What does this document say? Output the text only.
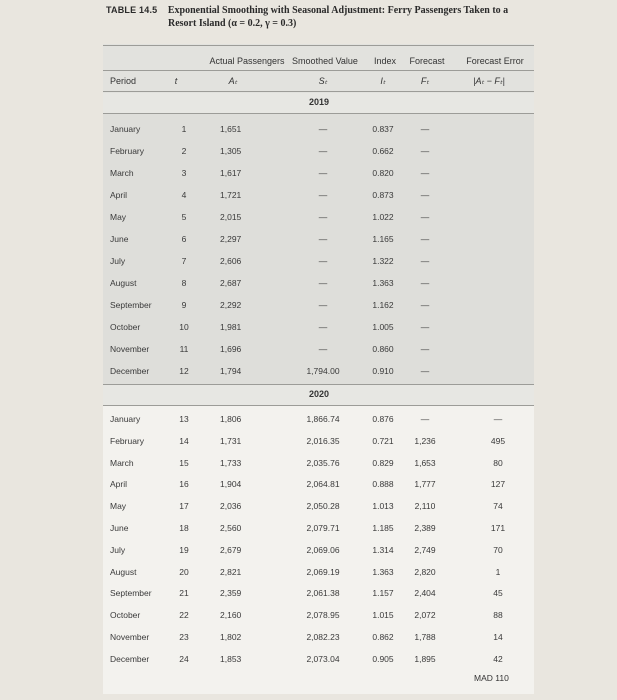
TABLE 14.5 Exponential Smoothing with Seasonal Adjustment: Ferry Passengers Taken to a
Resort Island (α = 0.2, γ = 0.3)
Actual Passengers Smoothed Value Index Forecast Forecast Error
Period	t	Aₜ	Sₜ	Iₜ	Fₜ	|Aₜ − Fₜ|
2019
January	1	1,651	—	0.837	—
February	2	1,305	—	0.662	—
March	3	1,617	—	0.820	—
April	4	1,721	—	0.873	—
May	5	2,015	—	1.022	—
June	6	2,297	—	1.165	—
July	7	2,606	—	1.322	—
August	8	2,687	—	1.363	—
September	9	2,292	—	1.162	—
October	10	1,981	—	1.005	—
November	11	1,696	—	0.860	—
December	12	1,794	1,794.00	0.910	—
2020
January	13	1,806	1,866.74	0.876	—	—
February	14	1,731	2,016.35	0.721	1,236	495
March	15	1,733	2,035.76	0.829	1,653	80
April	16	1,904	2,064.81	0.888	1,777	127
May	17	2,036	2,050.28	1.013	2,110	74
June	18	2,560	2,079.71	1.185	2,389	171
July	19	2,679	2,069.06	1.314	2,749	70
August	20	2,821	2,069.19	1.363	2,820	1
September	21	2,359	2,061.38	1.157	2,404	45
October	22	2,160	2,078.95	1.015	2,072	88
November	23	1,802	2,082.23	0.862	1,788	14
December	24	1,853	2,073.04	0.905	1,895	42
MAD 110
